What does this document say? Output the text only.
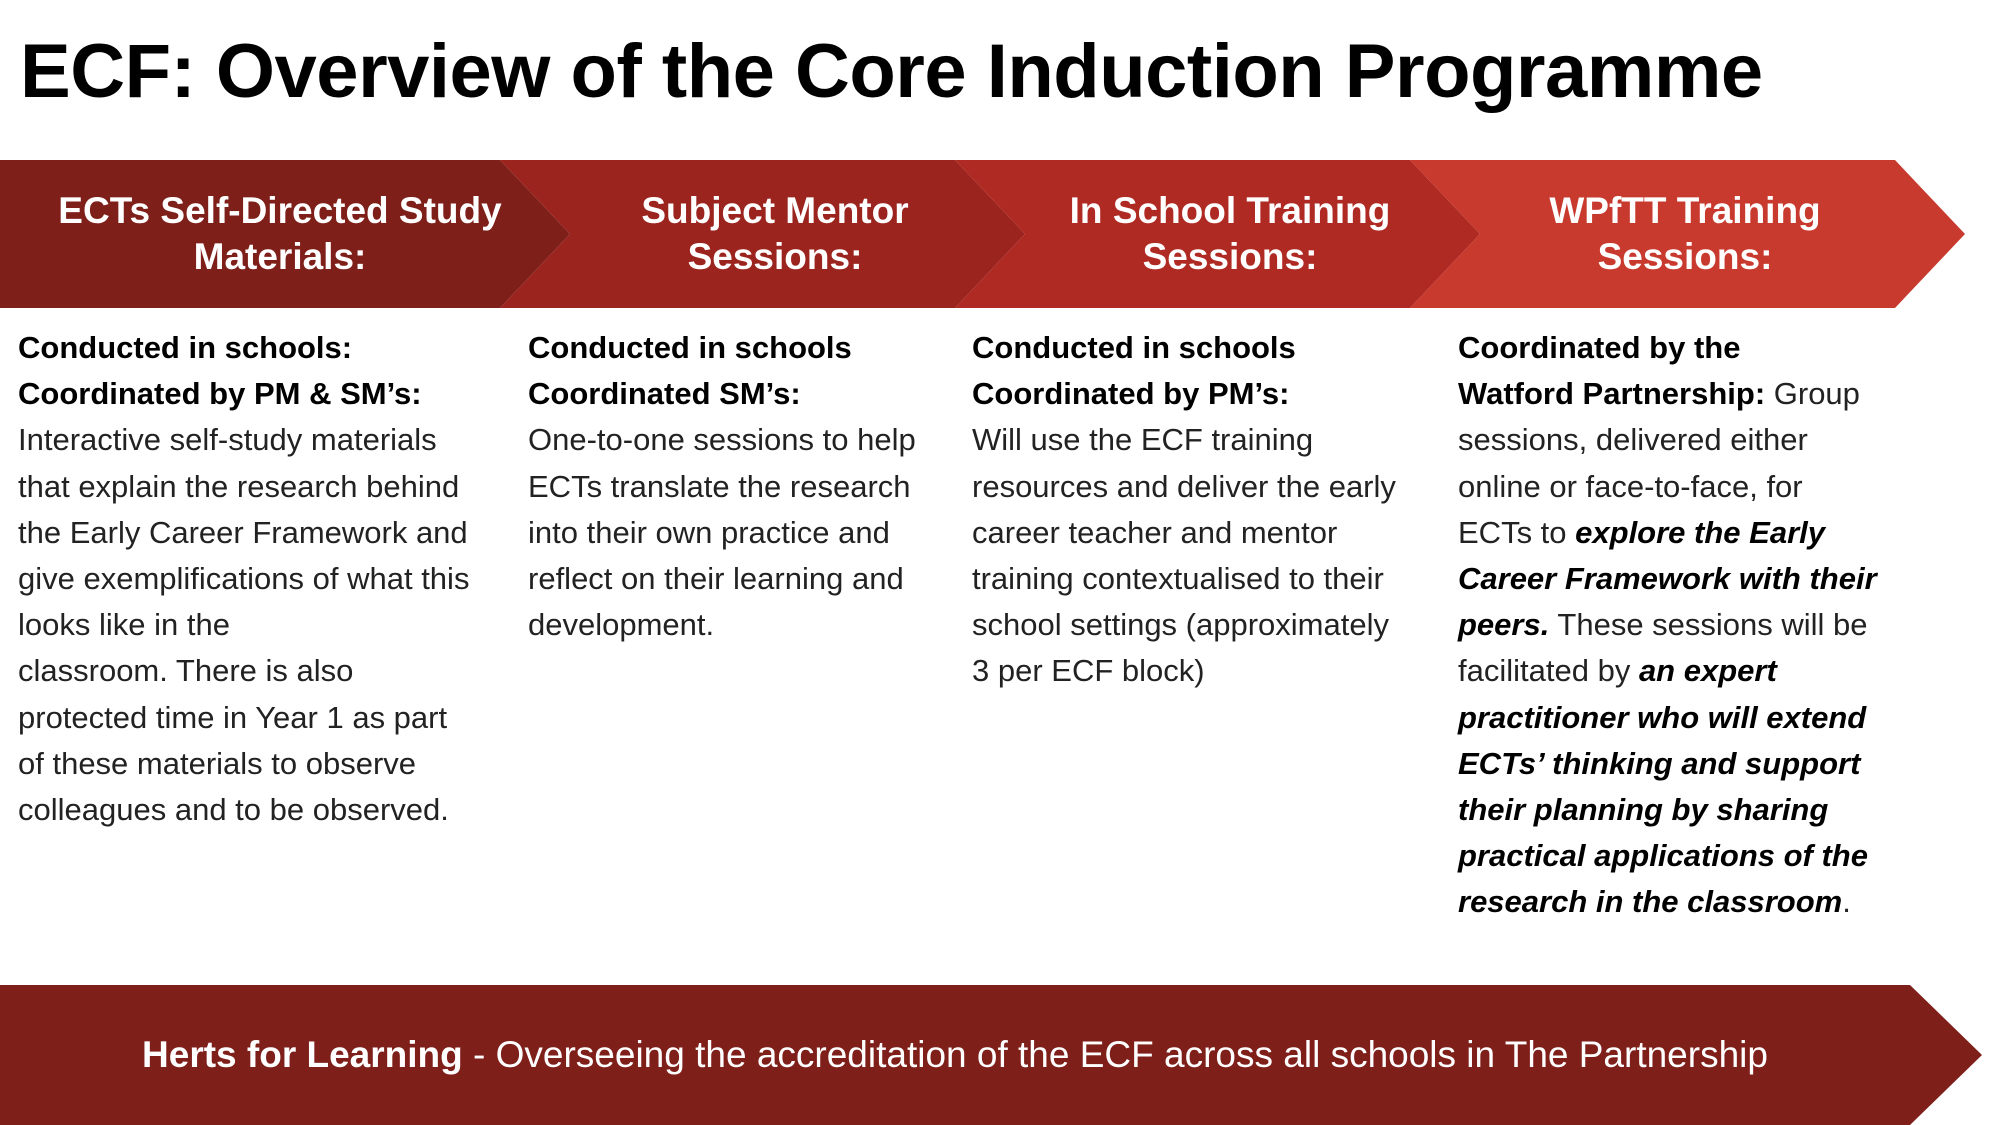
ECF: Overview of the Core Induction Programme
ECTs Self-Directed Study
Materials:
Subject Mentor
Sessions:
In School Training
Sessions:
WPfTT Training
Sessions:
Conducted in schools:
Coordinated by PM & SM’s:
Interactive self-study materials
that explain the research behind
the Early Career Framework and
give exemplifications of what this
looks like in the
classroom. There is also
protected time in Year 1 as part
of these materials to observe
colleagues and to be observed.
Conducted in schools
Coordinated SM’s:
One-to-one sessions to help
ECTs translate the research
into their own practice and
reflect on their learning and
development.
Conducted in schools
Coordinated by PM’s:
Will use the ECF training
resources and deliver the early
career teacher and mentor
training contextualised to their
school settings (approximately
3 per ECF block)
Coordinated by the
Watford Partnership: Group
sessions, delivered either
online or face-to-face, for
ECTs to explore the Early
Career Framework with their
peers. These sessions will be
facilitated by an expert
practitioner who will extend
ECTs’ thinking and support
their planning by sharing
practical applications of the
research in the classroom.
Herts for Learning - Overseeing the accreditation of the ECF across all schools in The Partnership
